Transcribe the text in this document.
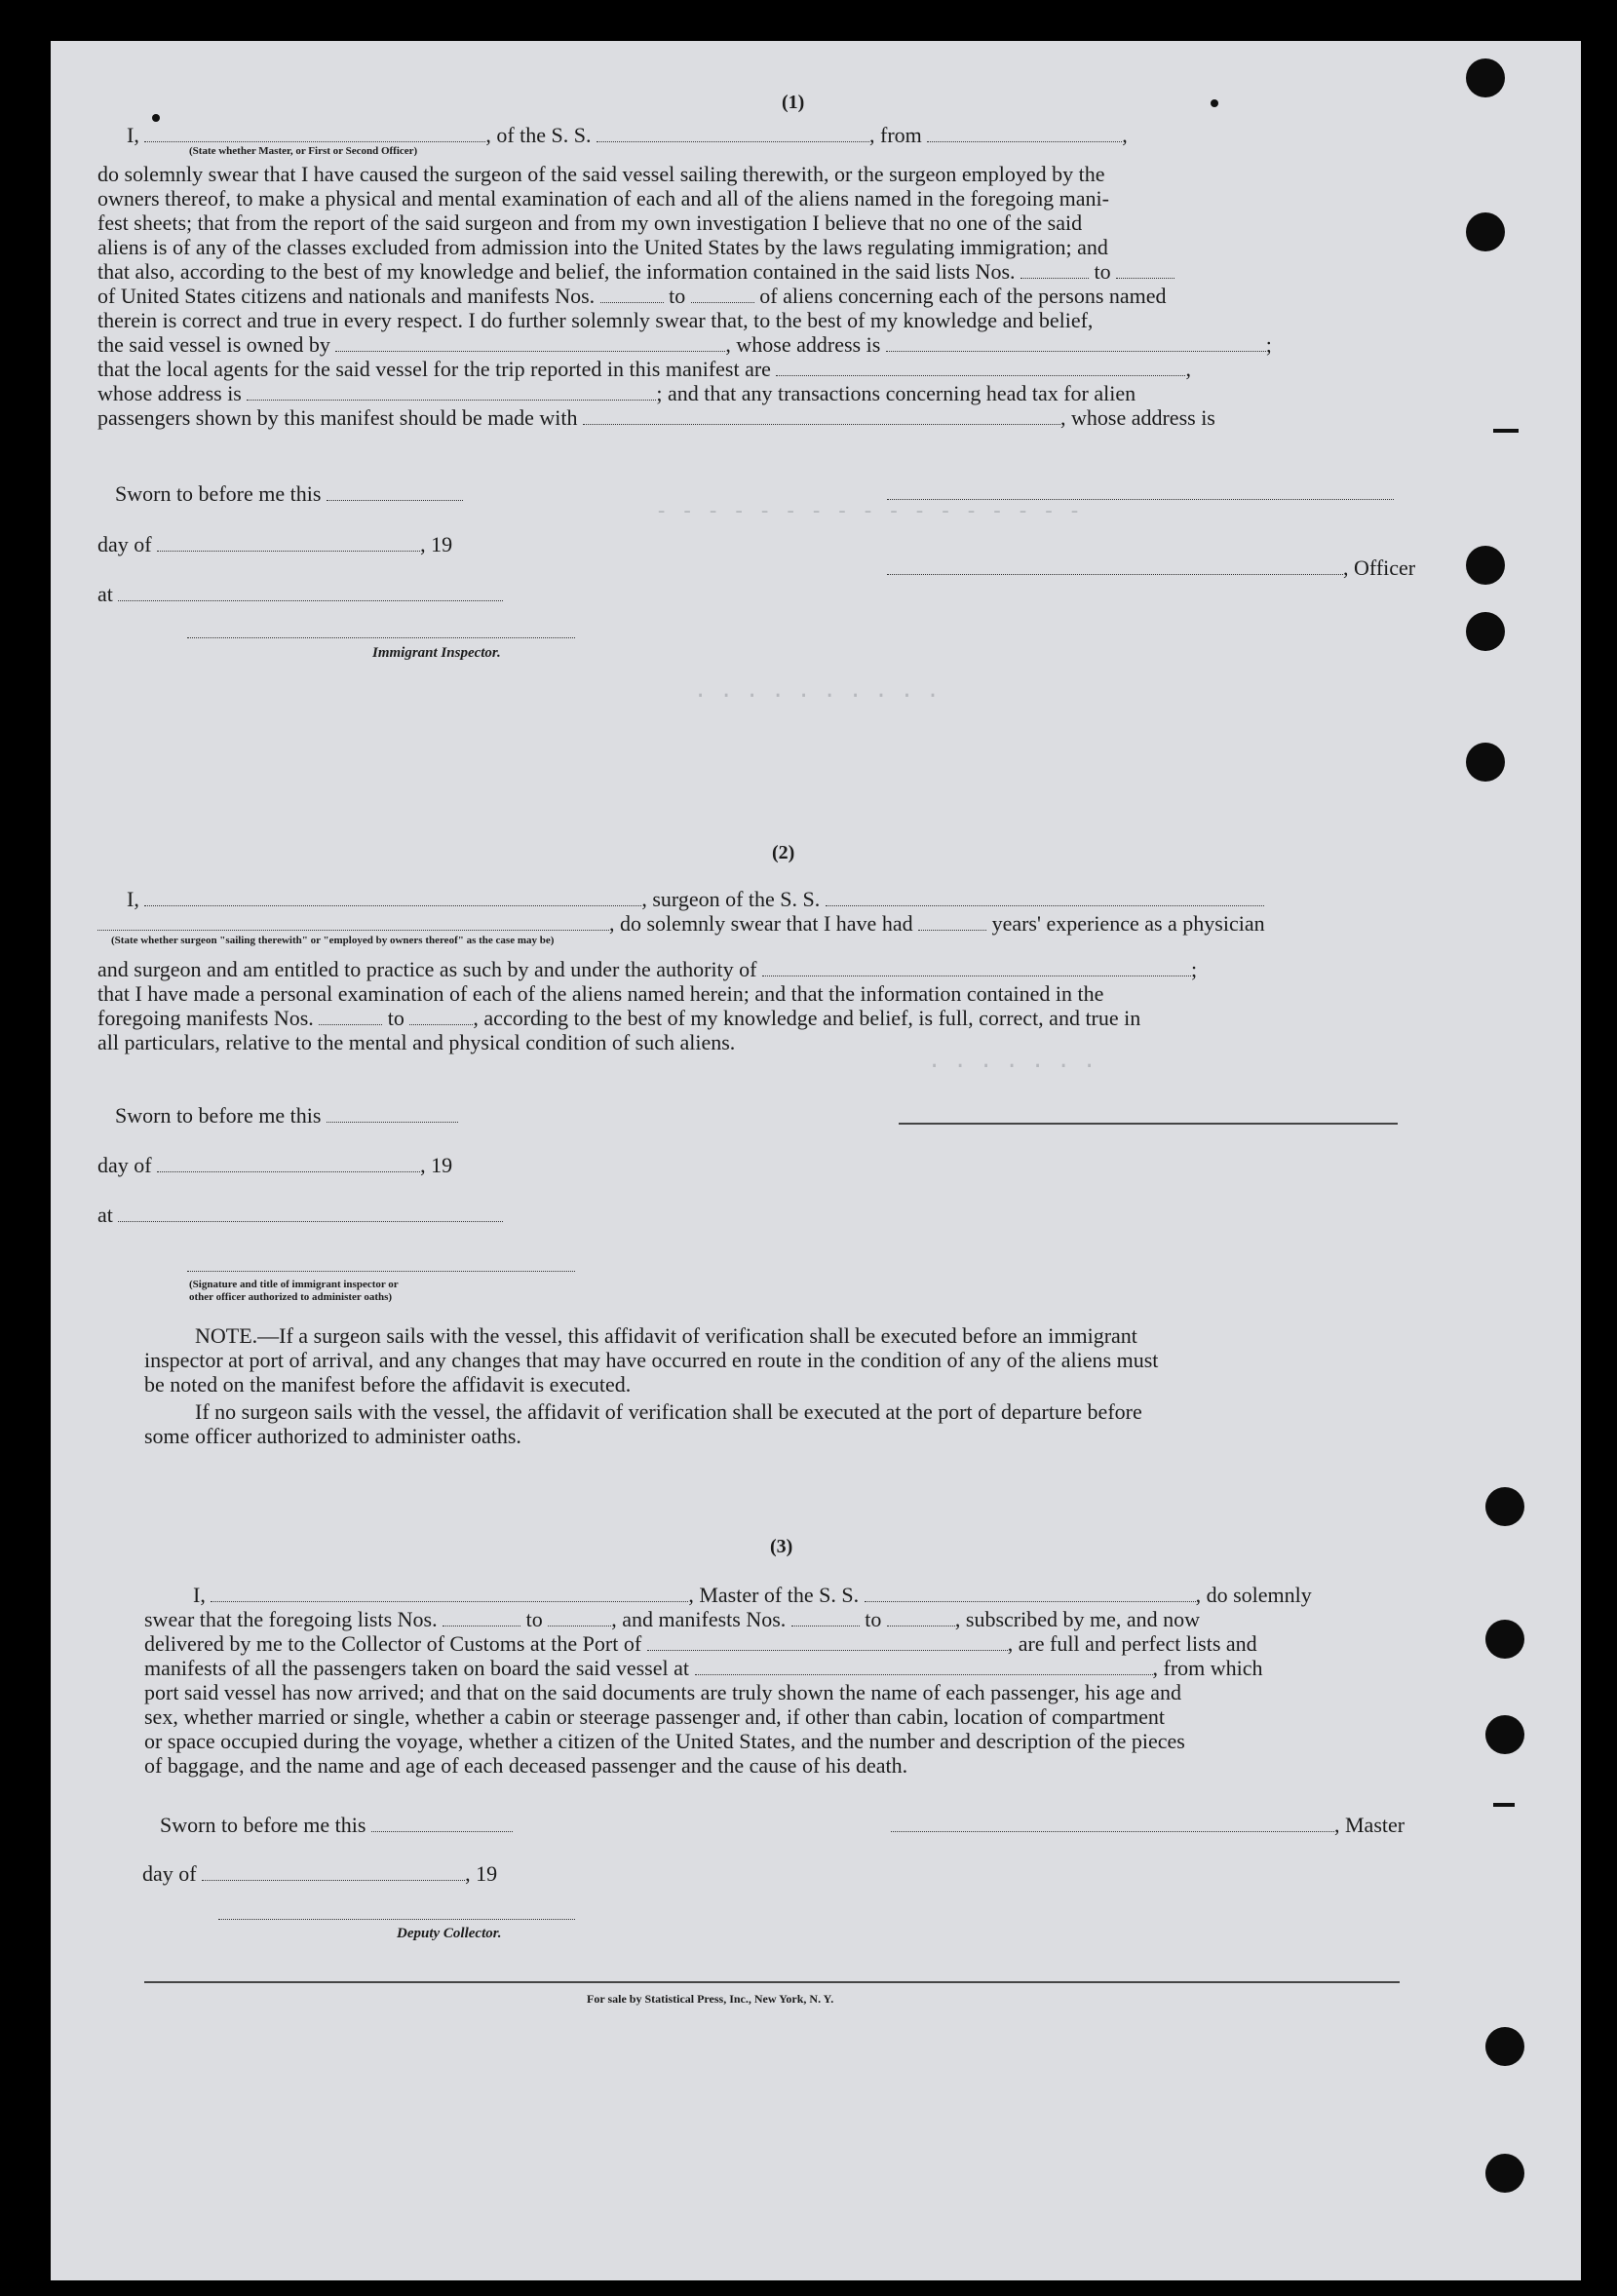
- - - - - - - - - - - - - - - - -
· · · · · · · · · ·
· · · · · · ·
(1)
I,	, of the S. S.	, from	,
(State whether Master, or First or Second Officer)
do solemnly swear that I have caused the surgeon of the said vessel sailing therewith, or the surgeon employed by the
owners thereof, to make a physical and mental examination of each and all of the aliens named in the foregoing mani-
fest sheets; that from the report of the said surgeon and from my own investigation I believe that no one of the said
aliens is of any of the classes excluded from admission into the United States by the laws regulating immigration; and
that also, according to the best of my knowledge and belief, the information contained in the said lists Nos.	to
of United States citizens and nationals and manifests Nos.	to	of aliens concerning each of the persons named
therein is correct and true in every respect. I do further solemnly swear that, to the best of my knowledge and belief,
the said vessel is owned by	, whose address is	;
that the local agents for the said vessel for the trip reported in this manifest are	,
whose address is	; and that any transactions concerning head tax for alien
passengers shown by this manifest should be made with	, whose address is
Sworn to before me this
day of	, 19
, Officer
at
Immigrant Inspector.
(2)
I,	, surgeon of the S. S.
, do solemnly swear that I have had	years' experience as a physician
(State whether surgeon "sailing therewith" or "employed by owners thereof" as the case may be)
and surgeon and am entitled to practice as such by and under the authority of	;
that I have made a personal examination of each of the aliens named herein; and that the information contained in the
foregoing manifests Nos.	to	, according to the best of my knowledge and belief, is full, correct, and true in
all particulars, relative to the mental and physical condition of such aliens.
Sworn to before me this
day of	, 19
at
(Signature and title of immigrant inspector or
other officer authorized to administer oaths)
NOTE.—If a surgeon sails with the vessel, this affidavit of verification shall be executed before an immigrant
inspector at port of arrival, and any changes that may have occurred en route in the condition of any of the aliens must
be noted on the manifest before the affidavit is executed.
If no surgeon sails with the vessel, the affidavit of verification shall be executed at the port of departure before
some officer authorized to administer oaths.
(3)
I,	, Master of the S. S.	, do solemnly
swear that the foregoing lists Nos.	to	, and manifests Nos.	to	, subscribed by me, and now
delivered by me to the Collector of Customs at the Port of	, are full and perfect lists and
manifests of all the passengers taken on board the said vessel at	, from which
port said vessel has now arrived; and that on the said documents are truly shown the name of each passenger, his age and
sex, whether married or single, whether a cabin or steerage passenger and, if other than cabin, location of compartment
or space occupied during the voyage, whether a citizen of the United States, and the number and description of the pieces
of baggage, and the name and age of each deceased passenger and the cause of his death.
Sworn to before me this	, Master
day of	, 19
Deputy Collector.
For sale by Statistical Press, Inc., New York, N. Y.
